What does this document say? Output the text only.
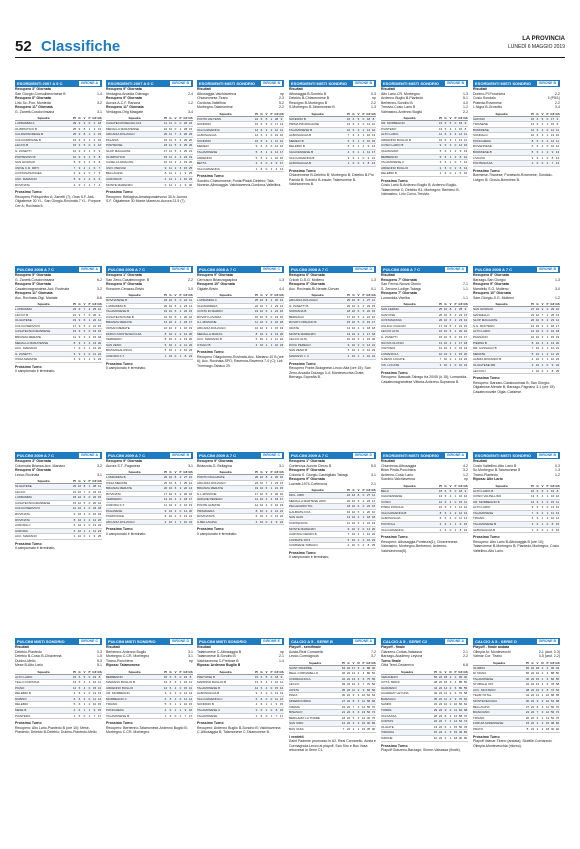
52 Classifiche	LA PROVINCIA
LUNEDÌ 6 MAGGIO 2019
ESORDIENTI 2007 A 9 C	GIRONE A
Recupero 3° Giornata
San Giorgio-Consolidenvinese B	1-4
Recupero 8° Giornata
Lirio Sc.-Pon. Monteolo	3-2
Recupero 11° Giornata
G. Zanetti-Cosciovinsana	3-1
Squadra	PI G V P GF GS
L.MIRAMMA A	29 9	9	0	2 18
OLIMPIATICO B	25 9	8	1	3 13
CALIFESSOREGE B	25 9	8	1	2 15
COLICOMPIANE B	19 9	6	1	2 10
LECCO B	15 9	5	0	4 10
G. ZANETTI	10 9	3	1	5	9
PORTEVINO B	10 9	3	1	5	8
SAN GIORGIO	8	9	2	2	5	8
UNIVE C.R. RRTI	7	9	2	1	6	7
COSTANASANGEA	6	9	2	0	7	6
ASC. MARIANO	5	9	1	2	6	5
ROVINATA	4	9	1	1	7	4
Prossimo Turno
Recupero Polisportivo A; Zanetti (7); Oras S.F. Asti-Olgiatense 30 Y.L. San Giorgio-Rovinata 7 Y.L. Porpore Cer A; Rovinata 5.
ESORDIENTI 2007 A 9 C	GIRONE B
Recupero 9° Giornata
Verdagna-Arcadia Oderago	2-4
Recupero 9° Giornata
Aurora A-C.F. Ranona	1-2
Recupero 11° Giornata
Verdagna-Orig.Masgate	3-4
Squadra	PI G V P GF GS
CASATECONSEGNA G13	11 11 0	0 26 16
MEDALLA MARATENSE	10 10 0	1 28 15
ARCADIA DOLZAGO	20 11 7	4 26 23
PALADIA	19 11 6	4 26 20
PORTENSE	18 11 5	3 25 20
SLOP MAGGIATE	17 11 5	4 25 21
OLIMPIATICO	15 11 4	4 23 19
CASELLA DRAGON	10 11 3	4 15 20
UNIV. PERUGI	9 11 2	6 15 25
BELLAGINA	8 11 1	1	9 25
AURORA B	4 11 1	1 10 29
MONTE MARENZO	3 11 1	1	9 30
Prossimo Turno
Recupero: Bellagina-Amatapurakevoso 30 A; Aurora S.F. Olgiatense 30 Monte Marenzo-Aurora 21.5 (7).
ESORDIENTI MISTI SONDRIO	GIRONE B
Risultati
Albosaggia-Valchiavenna	np
Chiavennese-Tirano	2-3
Gordona-Valtellina	5-2
Morbegno-Talamonese	2-2
Squadra	PI G V P GF GS
PONTA VALTENS	16 6	5	1 28 9
SONDRIO	15 6	5	0 17 13
VALCHIAVENNA	14 6	4	2 12 11
ALBOSAGGIA	12 6	4	0 19 10
SONDRIO	10 6	3	1 11 12
MEREIO	9	6	3	0 12 16
TALAMONESE	5	6	1	2 14 17
ARDENNO	5	6	2	1 10 16
BETTA	2	6	0	2	9 17
VALCHIAVENNA	1	6	0	1	4 14
Prossimo Turno
Sondrio-Chiavennese; Ponte/Pistoli-Delebio; Tala-Nonese-Albosaggia; Valchiavenna-Gordona-Valtellina.
ESORDIENTI MISTI SONDRIO	GIRONE B
Risultati
Albosaggia B-Sondrio B	0-3
Delebio B-Chiavennese B	np
Rescigno B-Morbegno B	2-2
S.Morbegno B-Talamonese B	1-3
Squadra	PI G V P GF GS
SONDRIO B	15 6	5	0 18 8
PRIMA PROPAGGINE	12 6	4	0 14 10
TALAMONESE B	10 6	3	1 14 10
ALBOSAGGIA B	7	6	2	1 10 13
MEREIO B	6	6	1	3 10 15
DELEBIO B	5	6	1	2	9 13
CHIAVENNESE B	4	6	1	1 11 17
VALCHIAVENNA B	3	6	1	0	9 12
ALBOSAGGIA B	1	6	0	1	8 14
Prossimo Turno
Chiavennese B-Delebio B; Morbegno B; Delebio B-Pro Panida B; Sondrio B-Insole; Talamonese B-Valchiavenna B.
ESORDIENTI MISTI SONDRIO	GIRONE B
Risultati
Alto Lario-CR. Morbegno	1-3
Ardenno Buglio B-Piantedo	5-1
Berbenno-Sondrio B	4-0
Tresivio-Cosio Lario B	1-2
Valmasino-Ardenno Buglio	2-2
Squadra	PI G V P GF GS
CR. MORBEGNO	15 6	5	0 18 9
PIANTEDO	13 6	4	1 16 8
ALTO LARIO	11 6	3	2 14 11
ARDENNO BUGLIO B	10 6	3	1 13 11
COSIO LARIO B	9	6	3	0 12 10
VALMASINO	5	6	1	2	9 13
BERBENNO	5	6	1	2	8 12
TALAMONESE C	3	6	1	0	7 14
ARDENNO BUGLIO	2	6	0	2	6 13
DELEBIO B	1	6	0	1	5 15
Prossimo Turno
Cosio Lario B-Ardenno Buglio B; Ardenno Buglio-Talamonese C; Delebio B1; Morbegno; Berbeno B-Valmasino; Lirio Corvo-Tresivio.
ESORDIENTI MISTI SONDRIO	GIRONE B
Risultati
Dorimo-Pl.Ponchiera	2-2
Cosio Sondalo	6 (P5/1)
Piateda-Rovenese	2-2
L.Nigra B-Grosotto	3-4
Squadra	PI G V P GF GS
GROSIO	15 6	5	0 17 9
TIRANESE	14 6	4	2 15 8
BORMIESE	12 6	4	0 14 11
SONDALO	10 6	3	1 13 10
PONCHIERA	8	6	2	2 12 11
ROVENNESE	6	6	2	0 10 12
BORMIESE B	5	6	1	2	9 13
LIVIGNO	3	6	1	0	8 14
PONTESCHIA	2	6	0	2	7 14
Prossimo Turno
Bormiese-Tiranese; Ponteschi-Rovenese; Sondalo-Livigno B; Grosio-Bormiese B.
PULCINI 2008 A 7 C	GIRONE A
Recupero 5° Giornata
G. Zanetti-Cosciovinsana	6-2
Recupero 5° Giornata
Casatecnagrandese-Acc. Rovinata	3-2
Recupero 11° Giornata
Acc. Rovinata-Olgi. Mariate	6-6
Squadra	PI G V P GF GS
L.MIRAMMA	23 9	7	2 25 12
LECCO B	21 9	7	0 26 9
OLGIATESE	19 9	6	1 22 14
COLICOSERVICO	17 9	5	2 21 15
CASATECNOGRANDESE	15 9	5	0 19 16
BRIANZA MERATE	11 9	3	2 15 18
MEDALLA MARATENSE	8	9	2	2 13 20
ACC. MARIANO	7	9	2	1 12 20
G. ZANETTI	6	9	2	0 11 22
OSSA MARIATE	4	9	1	1	9 23
Prossimo Turno
Il campionato è terminato.
PULCINI 2008 A 7 C	GIRONE B
Recupero 1° Giornata
San Zeno-Casatecnogne. B	2-2
Recupero 9° Giornata
Ronzone-Cerazzo-Brivio	3-0
Squadra	PI G V P GF GS
ROVNATESE B	18 10 6	0 24 11
L.MIRAMMA B	20 10 6	2 23 14
TALAMONESE B	19 10 6	1 22 15
CASATECNOGNE B	16 10 5	1 20 16
BRIANZA MERATE	13 10 4	1 18 17
ORSAN MERATE	10 10 3	1 16 19
PARCO MONTEVECCHIA	8 10 2	2 14 20
VERDERIO	8 10 2	2 13 20
SAN ZENO	5 10 1	2 11 22
BIASSONALUNGO	5 10 1	2 10 23
AURORA S.T.	1 10 0	1	8 24
Prossimo Turno
Il campionato è terminato.
PULCINI 2008 A 7 C	GIRONE C
Recupero 9° Giornata
Cernusco Brianzagaspina	1-3
Recupero 10° Giornata
Olgiate-Brivio	4-4
Squadra	PI G V P GF GS
L.MIRAMMA C	25 10 8	1 26 12
VALMADRERA	22 10 7	1 23 13
COSTA DI MARRO	19 10 6	1 21 15
ROVATI LOVARIA	15 10 5	0 19 16
G.L.MISSONE	11 10 3	2 16 18
ARCADIA DOLZAGO	10 10 3	1 15 19
MEDALLA MARAS	8 10 2	2 13 20
ACC. MARIANO B	5 10 1	2 11 22
OTAGO B	4 10 1	1 10 23
Prossimo Turno
Recupero Oliagoimmo-Rovinata-Acc. Mariano 10 B (ore 6); Acc. Rovinata-SPO; Ravenna-Ravenna 7-0 (C); Lidi Trimmago-Tabaco 29.
PULCINI 2008 A 7 C	GIRONE D
Recupero 6° Giornata
Cricob D-S.G. Molteno	1-3
Recupero 9° Giornata
Acc. Rovinata-Ri-Nerate-Corvan	0-1
Squadra	PI G V P GF GS
ARCADIA DOLZAGO	25 10 8	1 27 11
G. ZANETTI B	20 10 6	2 23 15
SOPRANA B	18 10 6	0 22 15
BERNAGO	17 10 5	2 21 16
ROVATI ORNANO B	15 10 5	0 19 17
ORATE	14 10 4	2 18 18
MONTE MARENZO	13 10 4	1 17 18
LECCO ALTA	10 10 3	1 15 20
DIVIC PEREGO	9 10 3	0 14 21
SAN ZENO B	6 10 2	0 12 23
MARIANO J. C	4 10 1	1 10 24
Prossimo Turno
Recupero Ponte-Bolognese-Lecco Alta (ore 15); San Zeno-Arcadia Dolzago 3-4; Montevecchia-Orate; Bernago-Sopraña B.
PULCINI 2008 A 7 C	GIRONE A
Risultati
Recupero 7° Giornata
San Fermo-Nuova Olonio	7-1
S. Zenone-Lodige-Tabago	1-1
Recupero 7° Giornata
Lomaniola-Viselba	1-1
Squadra	PI G V P GF GS
SAN FERMO	25 10 8	1 28 9
SANTOSE	20 10 6	2 24 13
COSTAMASNA	20 10 6	2 23 14
AGUGLI VIAGGIO	17 10 5	2 21 15
LECCO ALTA	16 10 5	1 20 16
G. ZANETTI	15 10 5	0 19 17
NUOVA OLONIO	13 10 4	1 17 18
VIGTORIA	12 10 4	0 16 19
LOMANIOLA	10 10 3	1 15 20
S.ZENO LOCATE	7 10 2	1 13 22
VIS. LOCATE	3 10 1	0 10 24
Prossimo Turno
Recupero: Bassale-Tabago fra 20/05 (h.15); Lomaniola-Casatecnagrandese Vittoria-Ardenno-Sopranna B.
PULCINI 2008 A 7 C	GIRONE B
Recupero 8° Giornata
Barzago-San Giorgio	1-3
Recupero 9° Giornata
Mandello S.G. Molteno	3-0
Recupero 10° Giornata
Sam.Giorgio-S.G. Molteno	1-2
Squadra	PI G V P GF GS
SAN GIORGIO	27 10 9	0 29 10
MANDELLO	22 10 7	1 25 13
SLOP MAGGIATE	20 10 6	2 23 14
S.G. MOLTENO	14 10 4	2 18 17
ALTO LARIO	12 10 4	0 16 18
PAGNANO	10 10 3	1 15 19
PIERNA B	8 10 2	2 13 20
DR. CASSAGO B	7 10 2	1 12 21
MERATE	5 10 1	2 11 22
ALBIZA RIVANIDO B	4 10 1	1 10 23
OLGIATESE MR	3 10 1	0	9 24
LECCOLI	1 10 0	1	8 25
Prossimo Turno
Recupero: Barzaro-Cassiosomasi B; San Giorgio-Olgiatense-Merate B; Barzago-Pagnano 3-1 (ore 15) Casatecnovate Olgia; Cassese.
PULCINI 2009 A 7 C	GIRONE A
Recupero 3° Giornata
Colonnaia Brianza-Acc. Mariano	3-2
Recupero 8° Giornata
Lecco-Rovinata	3-1
Squadra	PI G V P GF GS
OLGIATESE	25 10 8	1 28 11
LECCO	21 10 7	0 24 13
L.MIRAMMA	18 10 6	0 22 15
CASATECNOGRANDESE	15 10 5	0 20 16
COLICOSERVICO	12 10 4	0 18 18
ROVINATA	9 10 3	0 16 19
ROVINATA	8 10 2	2 14 20
AURORA C	6 10 2	0 13 22
AURORA	4 10 1	1 11 23
ACC. MARIANO	1 10 0	1	9 25
Prossimo Turno
Il campionato è terminato.
PULCINI 2009 A 7 C	GIRONE B
Recupero 9° Giornata
Aurora S.T.-Paganese	3-1
Squadra	PI G V P GF GS
L.MIRAMMA B	26 10 8	2 27 10
OSSA MERATE	25 10 8	1 25 12
BRIANZA MERATE	20 10 6	2 22 14
ROVINATA	17 10 5	2 20 16
VERDERIO	14 10 4	2 18 17
AURORA S.T.	11 10 3	2 16 19
PAGANESE	9 10 3	0 14 20
PORPIONCE	8 10 2	2 13 21
ARCADIA DOLZAGO	4 10 1	1 10 24
Prossimo Turno
Il campionato è terminato.
PULCINI 2009 A 7 C	GIRONE C
Recupero 9° Giornata
Brianzola-G. Bellagina	3-1
Squadra	PI G V P GF GS
PORTO MALGRATE	26 10 8	2 26 10
ARCADIA DOLZAGO	22 10 7	1 23 13
BRIANZA MERATE	19 10 6	1 21 15
G.L.MISSONE	17 10 5	2 20 16
GRIGNE PEREGO	14 10 4	2 18 17
PONTE ALBIATE	12 10 4	0 16 19
PRIMAVERA	8 10 2	2 13 21
ROVINATA B	6 10 2	0 12 22
G.BELLAGINA	2 10 0	2	9 24
Prossimo Turno
Il campionato è terminato.
PULCINI 2009 A 7 C	GIRONE D
Recupero 1° Giornata
Cortenova-Aurora Cierzo B	5-0
Recupero 9° Giornata
Colonia S. Giorgio-Castrigliato Tabago	3-1
Recupero 9° Giornata
Lozrate-1974-Cortenova	2-1
Squadra	PI G V P GF GS
MOL. 2009	24 10 8	0 27 11
MEDALLA MARTESE 2009	20 10 6	2 23 14
PELLEGRINI TIG	18 10 6	0 22 15
GALBIATE FOA	16 10 5	1 20 16
SAN GIAN	13 10 4	1 18 18
CORTENOVA	11 10 3	2 16 19
MONTE MARENZO	9 10 3	0 14 20
AURORA CIERZO B	7 10 2	1 12 22
LOZRATE 1974	5 10 1	2 10 23
COMMANE TABAGO	2 10 0	2	8 25
Prossimo Turno
Il campionato è terminato.
ESORDIENTI MISTI SONDRIO	GIRONE A
Risultati
Chiavenna-Albosaggia	4-2
Bilan Pinda-Ponchiera	3-2
Ardenno-Cosio Lario	1-2
Sondrio-Valchiavenna	np
Squadra	PI G V P GF GS
BELO	15 6	5	0 18 9
CHIAVENNESE	13 6	4	1 16 10
COSIO	12 6	4	0 15 11
PINDA PONCHA	10 6	3	1 14 12
VALCHIAVENNA B	8	6	2	2 12 13
ALBOSAGGIA	6	6	2	0 11 14
PONTOLA	4	6	1	1	9 15
VALCHIAVENNA	2	6	0	2	8 16
Prossimo Turno
Recupero: Albosaggia-Ponteura(1); Chiavennese-Valmasino; Morbegno-Berbenno; Ardenno-Valchiavenna(5).
ESORDIENTI MISTI SONDRIO	GIRONE B
Risultati
Cosio Valtellino-Atto Lario B	0-3
Sc.Morbegno B-Talamonese B	1-3
Tirano-Piantedo	1-2
Riposa: Alte Lario
Squadra	PI G V P GF GS
ALTO LARIO B	16 6	5	1 19 8
COSIO VALTELLINO	13 6	4	1 16 10
CR. MORBEGNO B	12 6	4	0 15 11
ALTO LARIO	9	6	3	0 13 12
TALAMONESE	7	6	2	1 11 13
TIRANO	5	6	1	2 10 14
TALAMONESE B	3	6	1	0	8 15
ALBOSAGGIA B	1	6	0	1	6 16
Prossimo Turno
Recupero: Alto Lario B-Albosaggia B (ore 10); Talamonese B-Morbegno B; Piantedo-Morbegno; Cosio Valtellino-Alto Lario.
PULCINI MISTI SONDRIO	GIRONE C
Risultati
Delebio-Piantedo	0-3
Delebio B-Cosio B-Chiavenna	1-5
Dubino-Mello	5-3
Mese B-Alto Lario	5-1
Squadra	PI G V P GF GS
ALTO LARIO	15 6	5	0 19 8
TELLO FORTANA	13 6	4	1 16 11
PIANO	12 6	4	0 15 12
DELEBIO B	9	6	3	0 13 13
DUBINO	6	6	2	0 11 14
DELEBIO	5	6	1	2 10 15
MESE B	4	6	1	1	9 15
PIANTEDO	1	6	0	1	7 17
Prossimo Turno
Recupero: Alto Lario-Piantedo B (ore 10); Mese-Piantedo; Delebio B-Delebio; Dubino-Piantedo-Mello.
PULCINI MISTI SONDRIO	GIRONE D
Risultati
Berbenno-Ardenno Buglio	3-1
Morbegno C-CR. Morbegno	3-1
Tirano-Ponchiera	np
Riposa: Talamonese
Squadra	PI G V P GF GS
BERBENNO	15 6	5	0 19 8
MARIANO BUGLIO B	13 6	4	1 16 11
ARDENNO BUGLIO	12 6	4	0 15 12
CR. MORBEGNO	9	6	3	0 13 13
MORBEGNO C	6	6	2	0 11 14
TIRANO	5	6	1	2 10 15
PONCHIERA	4	6	1	1	9 16
TALAMONESE B	1	6	0	1	7 17
Prossimo Turno
Recupero: Berbenno-Talamonese-Ardenno Buglio B; Morbegno C-CR. Morbegno.
PULCINI MISTI SONDRIO	GIRONE E
Risultati
Talamonese C-Albosaggia B	np
Talamonese B-Sondrio B	2-1
Valchiavenna C-Pretiose B	1-4
Riposa: Ardenno Buglio B
Squadra	PI G V P GF GS
PRETIOSE B	15 6	5	0 18 9
MADRINO BUGLIO B	13 6	4	1 16 11
TALAMONESE B	12 6	4	0 15 12
ALBOSAGGIA B	9	6	3	0 13 13
VALCHIAVENNA C	6	6	2	0 11 14
SONDRIO B	4	6	1	1	9 15
TALAMONESE C	3	6	1	0	8 16
TALAMONESE	1	6	0	1	7 17
Prossimo Turno
Recupero: Ardenno Buglio B-Sondrio B; Valchiavenna C-Albosaggia B; Talamonese C-Talamonese B.
CALCIO A 5 - SERIE B	GIRONE A
Playoff - semifinale
Aosta-Real Cornarello	7-2
Lecco-Cormagnola	3-7
Squadra	PI G V N P GF GS
SAINT PADMIRE	54 22 17 3	2 88 40
REAL CORNARELLO	46 22 14 4	4 80 52
CORMAGNOLA	42 22 13 3	6 75 55
LECCO	39 22 12 3	7 70 56
AOSTA	35 22 11 2	9 66 60
PAVIA	30 22 9	3 10 62 64
MISERICORDIA	27 22 8	3 11 58 66
CREMA	24 22 7	3 12 55 70
BINASCO	21 22 6	3 13 50 72
BERGAMO LA TORRE	18 22 5	3 14 46 75
SAN SIRO	12 22 3	3 16 40 82
BUS VASA	7 22 2	1 19 35 90
I verdetti
Saint Padmire promosso in A2. Real Cornarello, Aosta e Cormagnola-Lecco ai playoff. San Siro e Bus Vasa retrocessi in Serie C1.
CALCIO A 5 - SERIE C2	GIRONE A
Playoff - finale
Giarzeno-Cortas-Valsassa	2-1
Barzago-Academy Leyuna	2-2
Turno finale
Città Terni-Cedanexo	6-8
Squadra	PI G V N P GF GS
CEDANEXO	56 22 18 2	2 95 40
CITTÀ TERNI	48 22 15 3	4 88 50
GIARZENO	44 22 14 2	6 80 55
ACADEMY LEYUNA	40 22 12 4	6 76 58
BARZAGO	35 22 11 2	9 70 62
SAMPA	32 22 10 2 10 66 64
TORRE	29 22 9	2 11 62 68
VALSASSA	26 22 8	2 12 58 70
CORTAS	22 22 7	1 14 54 74
OLGIATE	19 22 6	1 15 50 78
VIRGINIA	15 22 4	3 15 46 82
SIRONE	10 22 3	1 18 40 90
Prossimo Turno
Playoff Giarzeno-Barzago; Sirone-Valsassa (finale).
CALCIO A 5 - SERIE D	GIRONE B
Playoff - finale andata
Olimpia Ar. Montevecchi	2-1 (and. 0-3)
Valmar Cor. Tirano	4-5 (and. 2-2)
Squadra	PI G V N P GF GS
OLIMPIA	56 22 18 2	2 96 42
DI SIGNA	50 22 16 2	4 88 50
TALAMONESE	46 22 15 1	6 82 55
STUBILLE 3ST	42 22 13 3	6 78 58
ACC. MOLTENO	38 22 12 2	8 72 62
TEAM TOTAL	34 22 11 1 10 68 65
MONTEVECCHIA	30 22 9	3 10 64 68
BELLAGINA	27 22 8	3 11 60 70
BIANCIANO	24 22 7	3 12 56 72
TIRANO	20 22 6	2 14 52 76
FORUM ARDENNESE	15 22 4	3 15 48 82
PRATO	8 22 2	2 18 40 92
Prossimo Turno
Playoff Valmar-Tirano (andata); Stubille-Cornaredo. Olimpia-Montevecchia (ritorno).
